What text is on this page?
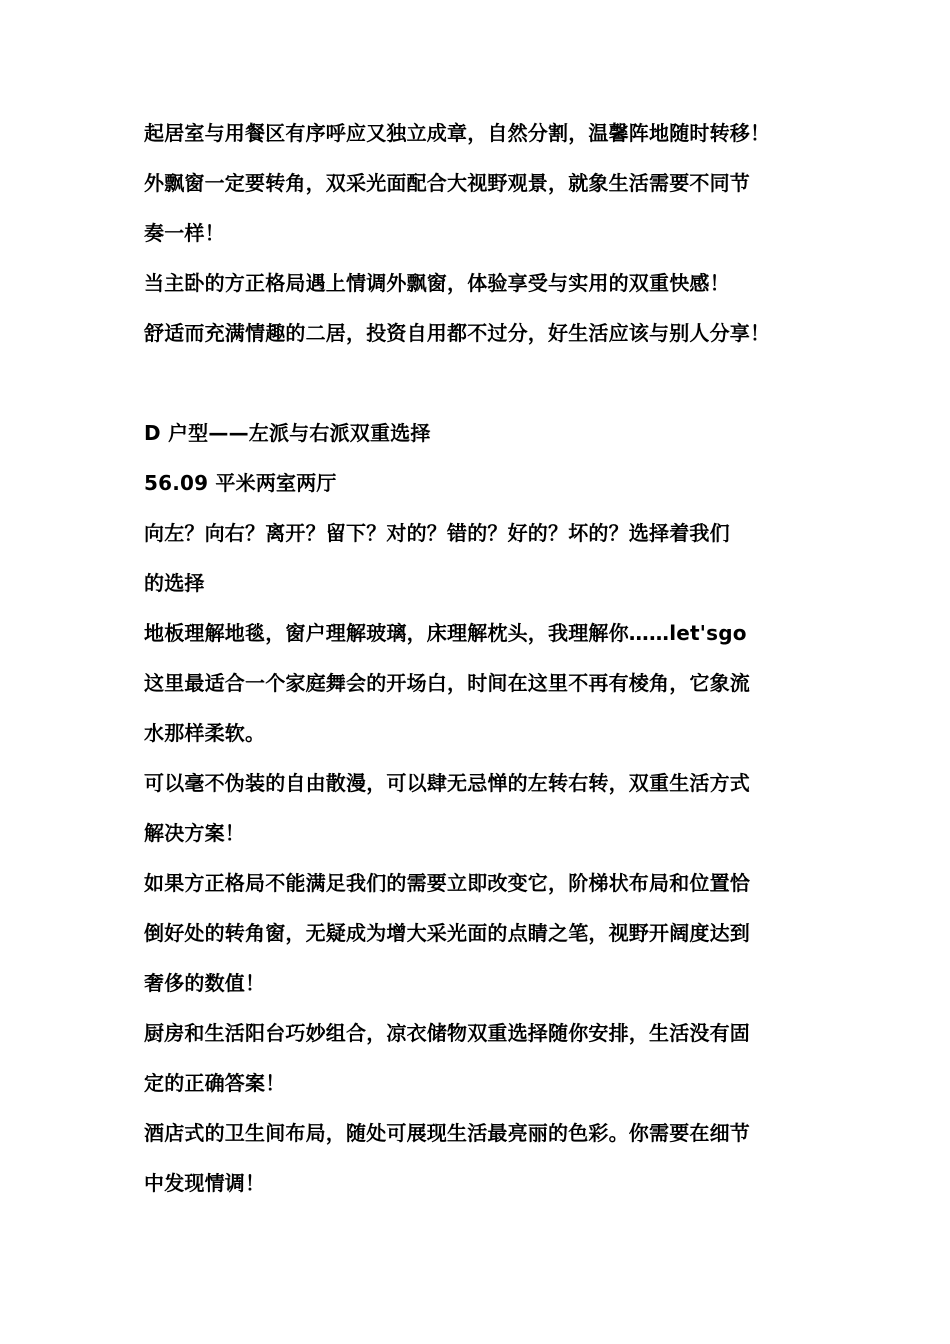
起居室与用餐区有序呼应又独立成章，自然分割，温馨阵地随时转移！
外飘窗一定要转角，双采光面配合大视野观景，就象生活需要不同节
奏一样！
当主卧的方正格局遇上情调外飘窗，体验享受与实用的双重快感！
舒适而充满情趣的二居，投资自用都不过分，好生活应该与别人分享！
D 户型——左派与右派双重选择
56.09 平米两室两厅
向左？向右？离开？留下？对的？错的？好的？坏的？选择着我们
的选择
地板理解地毯，窗户理解玻璃，床理解枕头，我理解你……let'sgo
这里最适合一个家庭舞会的开场白，时间在这里不再有棱角，它象流
水那样柔软。
可以毫不伪装的自由散漫，可以肆无忌惮的左转右转，双重生活方式
解决方案！
如果方正格局不能满足我们的需要立即改变它，阶梯状布局和位置恰
倒好处的转角窗，无疑成为增大采光面的点睛之笔，视野开阔度达到
奢侈的数值！
厨房和生活阳台巧妙组合，凉衣储物双重选择随你安排，生活没有固
定的正确答案！
酒店式的卫生间布局，随处可展现生活最亮丽的色彩。你需要在细节
中发现情调！
